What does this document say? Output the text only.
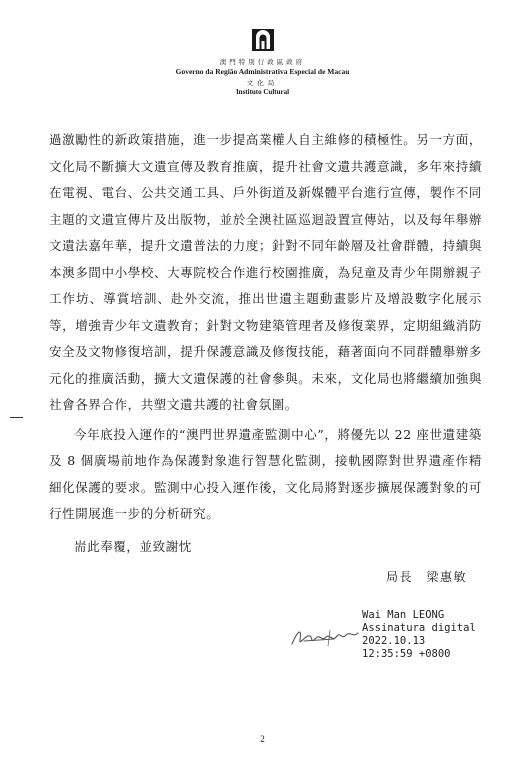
澳門特別行政區政府
Governo da Região Administrativa Especial de Macau
文化局
Instituto Cultural

過激勵性的新政策措施，進一步提高業權人自主維修的積極性。另一方面，文化局不斷擴大文遺宣傳及教育推廣，提升社會文遺共護意識，多年來持續在電視、電台、公共交通工具、戶外街道及新媒體平台進行宣傳，製作不同主題的文遺宣傳片及出版物，並於全澳社區巡迴設置宣傳站，以及每年舉辦文遺法嘉年華，提升文遺普法的力度；針對不同年齡層及社會群體，持續與本澳多間中小學校、大專院校合作進行校園推廣，為兒童及青少年開辦親子工作坊、導賞培訓、赴外交流，推出世遺主題動畫影片及增設數字化展示等，增強青少年文遺教育；針對文物建築管理者及修復業界，定期組織消防安全及文物修復培訓，提升保護意識及修復技能，藉著面向不同群體舉辦多元化的推廣活動，擴大文遺保護的社會參與。未來，文化局也將繼續加強與社會各界合作，共塑文遺共護的社會氛圍。

今年底投入運作的“澳門世界遺產監測中心”，將優先以 22 座世遺建築及 8 個廣場前地作為保護對象進行智慧化監測，接軌國際對世界遺產作精細化保護的要求。監測中心投入運作後，文化局將對逐步擴展保護對象的可行性開展進一步的分析研究。

耑此奉覆，並致謝忱

局長　梁惠敏
Wai Man LEONG
Assinatura digital
2022.10.13
12:35:59 +0800
2
